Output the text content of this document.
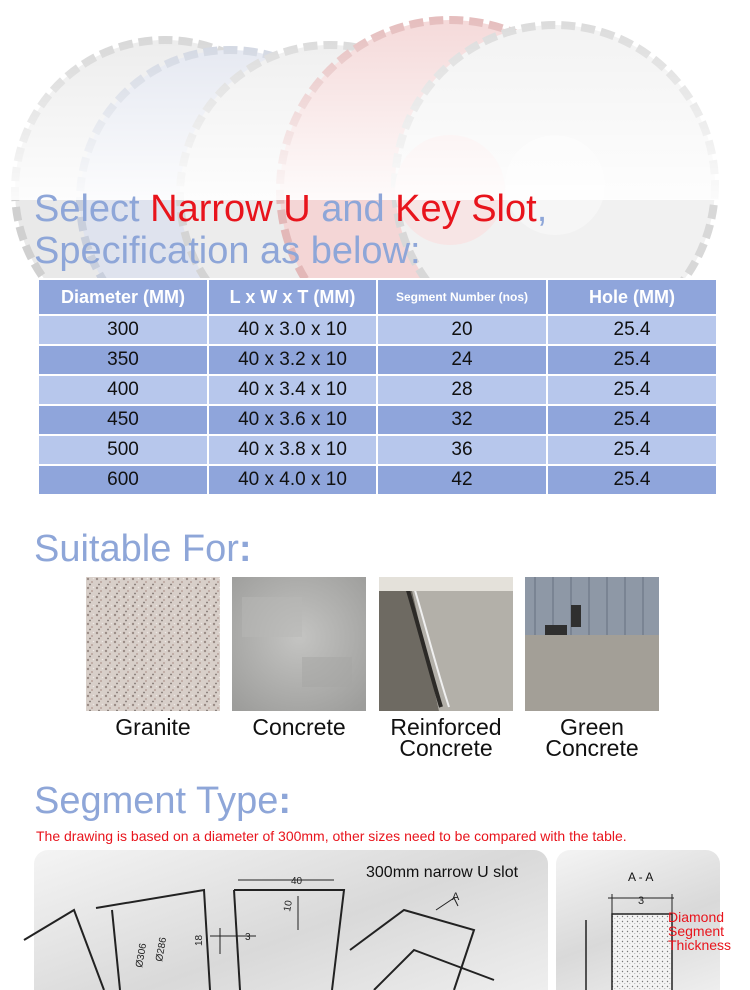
Select Narrow U and Key Slot,
Specification as below:
Diameter (MM)	L x W x T (MM)	Segment Number (nos)	Hole (MM)
300	40 x 3.0 x 10	20	25.4
350	40 x 3.2 x 10	24	25.4
400	40 x 3.4 x 10	28	25.4
450	40 x 3.6 x 10	32	25.4
500	40 x 3.8 x 10	36	25.4
600	40 x 4.0 x 10	42	25.4
Suitable For:
Granite	Concrete	Reinforced
Concrete
Green
Concrete
Segment Type:

The drawing is based on a diameter of 300mm, other sizes need to be compared with the table.

300mm narrow U slot
40
10
18	3
Ø286
Ø306
A
A - A
3
Diamond
Segment
Thickness
